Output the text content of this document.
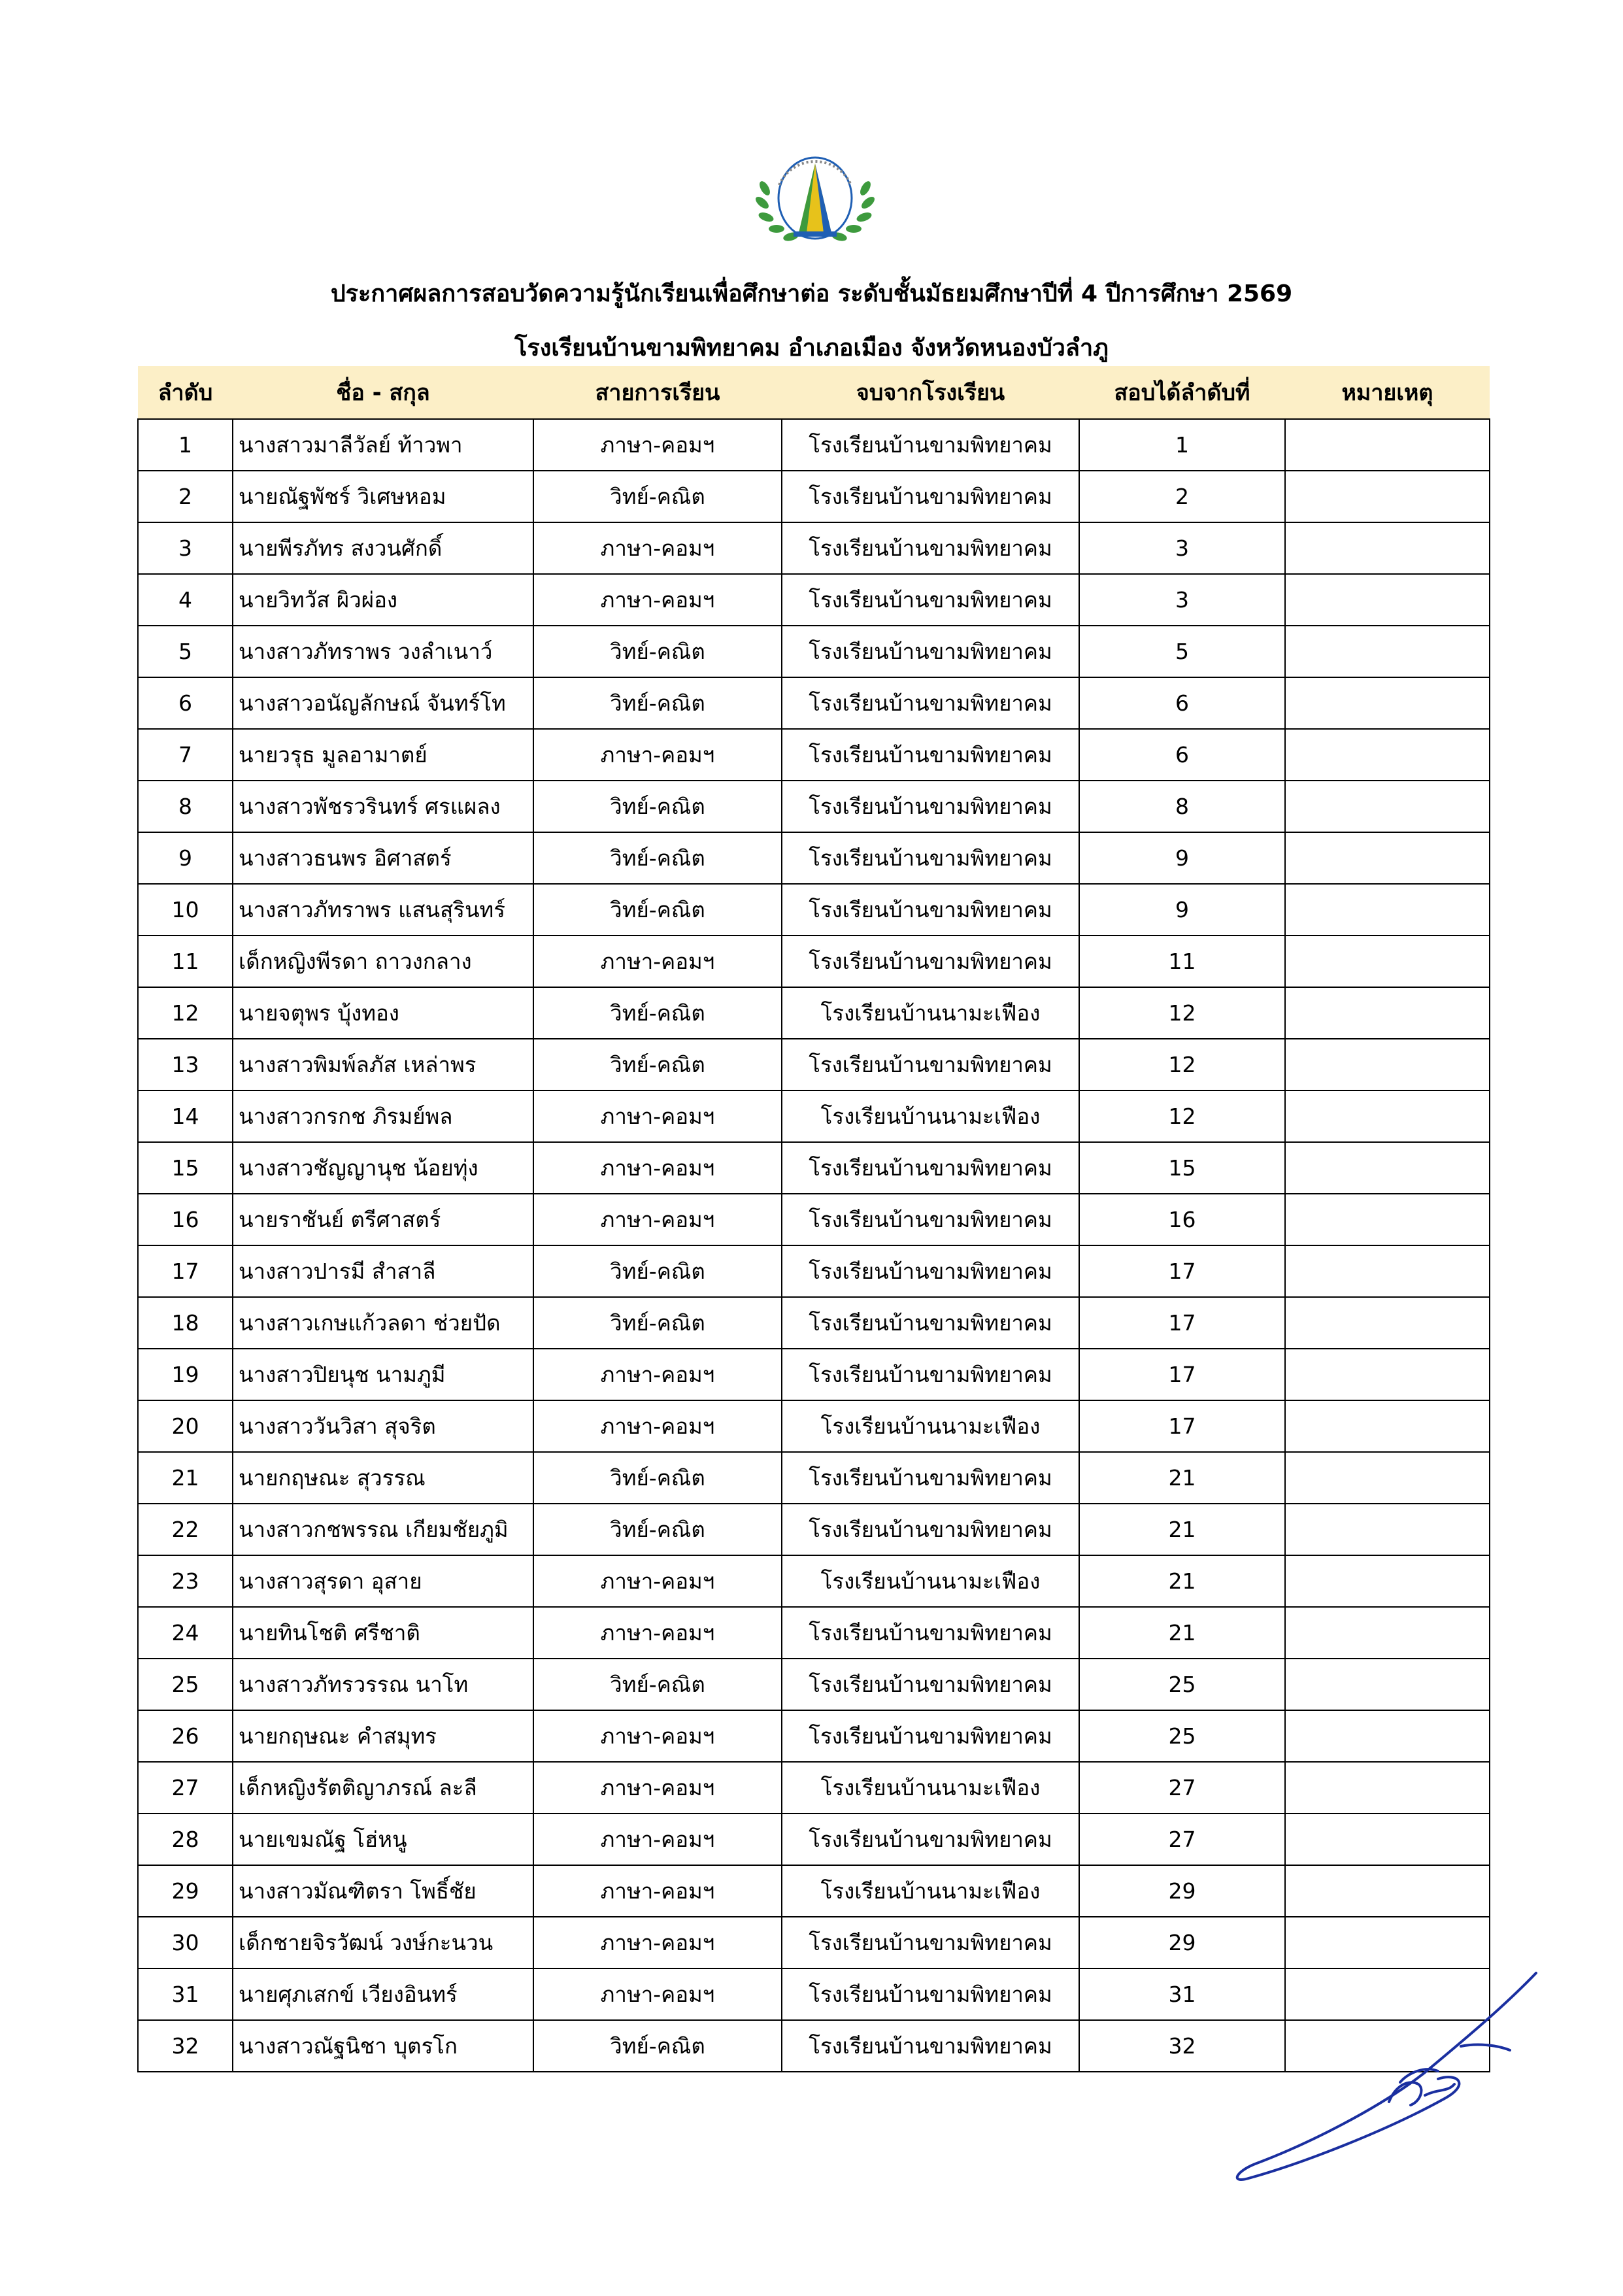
ประกาศผลการสอบวัดความรู้นักเรียนเพื่อศึกษาต่อ ระดับชั้นมัธยมศึกษาปีที่ 4 ปีการศึกษา 2569
โรงเรียนบ้านขามพิทยาคม อำเภอเมือง จังหวัดหนองบัวลำภู
ลำดับ	ชื่อ - สกุล	สายการเรียน	จบจากโรงเรียน	สอบได้ลำดับที่	หมายเหตุ
1	นางสาวมาลีวัลย์ ท้าวพา	ภาษา-คอมฯ	โรงเรียนบ้านขามพิทยาคม	1	
2	นายณัฐพัชร์ วิเศษหอม	วิทย์-คณิต	โรงเรียนบ้านขามพิทยาคม	2	
3	นายพีรภัทร สงวนศักดิ์	ภาษา-คอมฯ	โรงเรียนบ้านขามพิทยาคม	3	
4	นายวิทวัส ผิวผ่อง	ภาษา-คอมฯ	โรงเรียนบ้านขามพิทยาคม	3	
5	นางสาวภัทราพร วงลำเนาว์	วิทย์-คณิต	โรงเรียนบ้านขามพิทยาคม	5	
6	นางสาวอนัญลักษณ์ จันทร์โท	วิทย์-คณิต	โรงเรียนบ้านขามพิทยาคม	6	
7	นายวรุธ มูลอามาตย์	ภาษา-คอมฯ	โรงเรียนบ้านขามพิทยาคม	6	
8	นางสาวพัชรวรินทร์ ศรแผลง	วิทย์-คณิต	โรงเรียนบ้านขามพิทยาคม	8	
9	นางสาวธนพร อิศาสตร์	วิทย์-คณิต	โรงเรียนบ้านขามพิทยาคม	9	
10	นางสาวภัทราพร แสนสุรินทร์	วิทย์-คณิต	โรงเรียนบ้านขามพิทยาคม	9	
11	เด็กหญิงพีรดา ถาวงกลาง	ภาษา-คอมฯ	โรงเรียนบ้านขามพิทยาคม	11	
12	นายจตุพร บุ้งทอง	วิทย์-คณิต	โรงเรียนบ้านนามะเฟือง	12	
13	นางสาวพิมพ์ลภัส เหล่าพร	วิทย์-คณิต	โรงเรียนบ้านขามพิทยาคม	12	
14	นางสาวกรกช ภิรมย์พล	ภาษา-คอมฯ	โรงเรียนบ้านนามะเฟือง	12	
15	นางสาวชัญญานุช น้อยทุ่ง	ภาษา-คอมฯ	โรงเรียนบ้านขามพิทยาคม	15	
16	นายราชันย์ ตรีศาสตร์	ภาษา-คอมฯ	โรงเรียนบ้านขามพิทยาคม	16	
17	นางสาวปารมี สำสาลี	วิทย์-คณิต	โรงเรียนบ้านขามพิทยาคม	17	
18	นางสาวเกษแก้วลดา ช่วยปัด	วิทย์-คณิต	โรงเรียนบ้านขามพิทยาคม	17	
19	นางสาวปิยนุช นามภูมี	ภาษา-คอมฯ	โรงเรียนบ้านขามพิทยาคม	17	
20	นางสาววันวิสา สุจริต	ภาษา-คอมฯ	โรงเรียนบ้านนามะเฟือง	17	
21	นายกฤษณะ สุวรรณ	วิทย์-คณิต	โรงเรียนบ้านขามพิทยาคม	21	
22	นางสาวกชพรรณ เกียมชัยภูมิ	วิทย์-คณิต	โรงเรียนบ้านขามพิทยาคม	21	
23	นางสาวสุรดา อุสาย	ภาษา-คอมฯ	โรงเรียนบ้านนามะเฟือง	21	
24	นายทินโชติ ศรีชาติ	ภาษา-คอมฯ	โรงเรียนบ้านขามพิทยาคม	21	
25	นางสาวภัทรวรรณ นาโท	วิทย์-คณิต	โรงเรียนบ้านขามพิทยาคม	25	
26	นายกฤษณะ คำสมุทร	ภาษา-คอมฯ	โรงเรียนบ้านขามพิทยาคม	25	
27	เด็กหญิงรัตติญาภรณ์ ละลี	ภาษา-คอมฯ	โรงเรียนบ้านนามะเฟือง	27	
28	นายเขมณัฐ โฮ่หนู	ภาษา-คอมฯ	โรงเรียนบ้านขามพิทยาคม	27	
29	นางสาวมัณฑิตรา โพธิ์ชัย	ภาษา-คอมฯ	โรงเรียนบ้านนามะเฟือง	29	
30	เด็กชายจิรวัฒน์ วงษ์กะนวน	ภาษา-คอมฯ	โรงเรียนบ้านขามพิทยาคม	29	
31	นายศุภเสกข์ เวียงอินทร์	ภาษา-คอมฯ	โรงเรียนบ้านขามพิทยาคม	31	
32	นางสาวณัฐนิชา บุตรโก	วิทย์-คณิต	โรงเรียนบ้านขามพิทยาคม	32	
